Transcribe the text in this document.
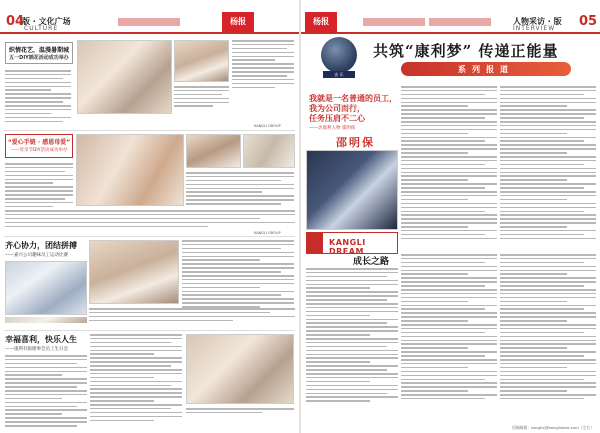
04
版 · 文化广场
CULTURE
杨报
织情花艺，温漫暑期城
五一DIY插花活动成功举办
KANGLI GROUP
“爱心手链 · 感恩母爱”
——母亲节DIY活动成功举办
KANGLI GROUP
齐心协力，团结拼搏
——嘉兴公司趣味员工运动比赛
幸福喜利，快乐人生
——康利有限理事会员工生日会
杨报	人物采访 · 版
INTERVIEW 05
安 乐
共筑“康利梦” 传递正能量
系列报道
我就是一名普通的员工，
我为公司而行，
任务压肩不二心
——访康利人物 邵明保
邵明保
KANGLI DREAM
成长之路
投稿邮箱：kanglix@kanglistore.com（左右）
